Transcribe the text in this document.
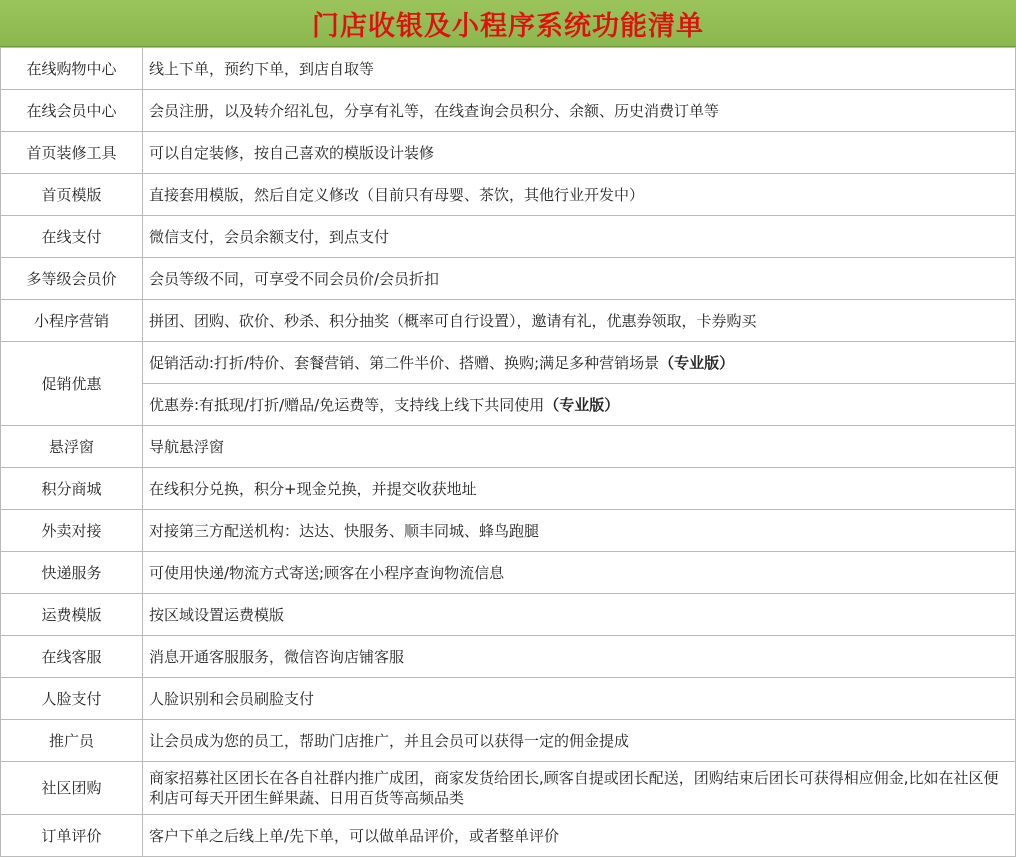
门店收银及小程序系统功能清单
在线购物中心	线上下单，预约下单，到店自取等
在线会员中心	会员注册，以及转介绍礼包，分享有礼等，在线查询会员积分、余额、历史消费订单等
首页装修工具	可以自定装修，按自己喜欢的模版设计装修
首页模版	直接套用模版，然后自定义修改（目前只有母婴、茶饮，其他行业开发中）
在线支付	微信支付，会员余额支付，到点支付
多等级会员价	会员等级不同，可享受不同会员价/会员折扣
小程序营销	拼团、团购、砍价、秒杀、积分抽奖（概率可自行设置），邀请有礼，优惠券领取，卡券购买
促销优惠	促销活动:打折/特价、套餐营销、第二件半价、搭赠、换购;满足多种营销场景（专业版）
	优惠券:有抵现/打折/赠品/免运费等，支持线上线下共同使用（专业版）
悬浮窗	导航悬浮窗
积分商城	在线积分兑换，积分+现金兑换，并提交收获地址
外卖对接	对接第三方配送机构：达达、快服务、顺丰同城、蜂鸟跑腿
快递服务	可使用快递/物流方式寄送;顾客在小程序查询物流信息
运费模版	按区域设置运费模版
在线客服	消息开通客服服务，微信咨询店铺客服
人脸支付	人脸识别和会员刷脸支付
推广员	让会员成为您的员工，帮助门店推广，并且会员可以获得一定的佣金提成
社区团购	商家招募社区团长在各自社群内推广成团，商家发货给团长,顾客自提或团长配送，团购结束后团长可获得相应佣金,比如在社区便利店可每天开团生鲜果蔬、日用百货等高频品类
订单评价	客户下单之后线上单/先下单，可以做单品评价，或者整单评价
